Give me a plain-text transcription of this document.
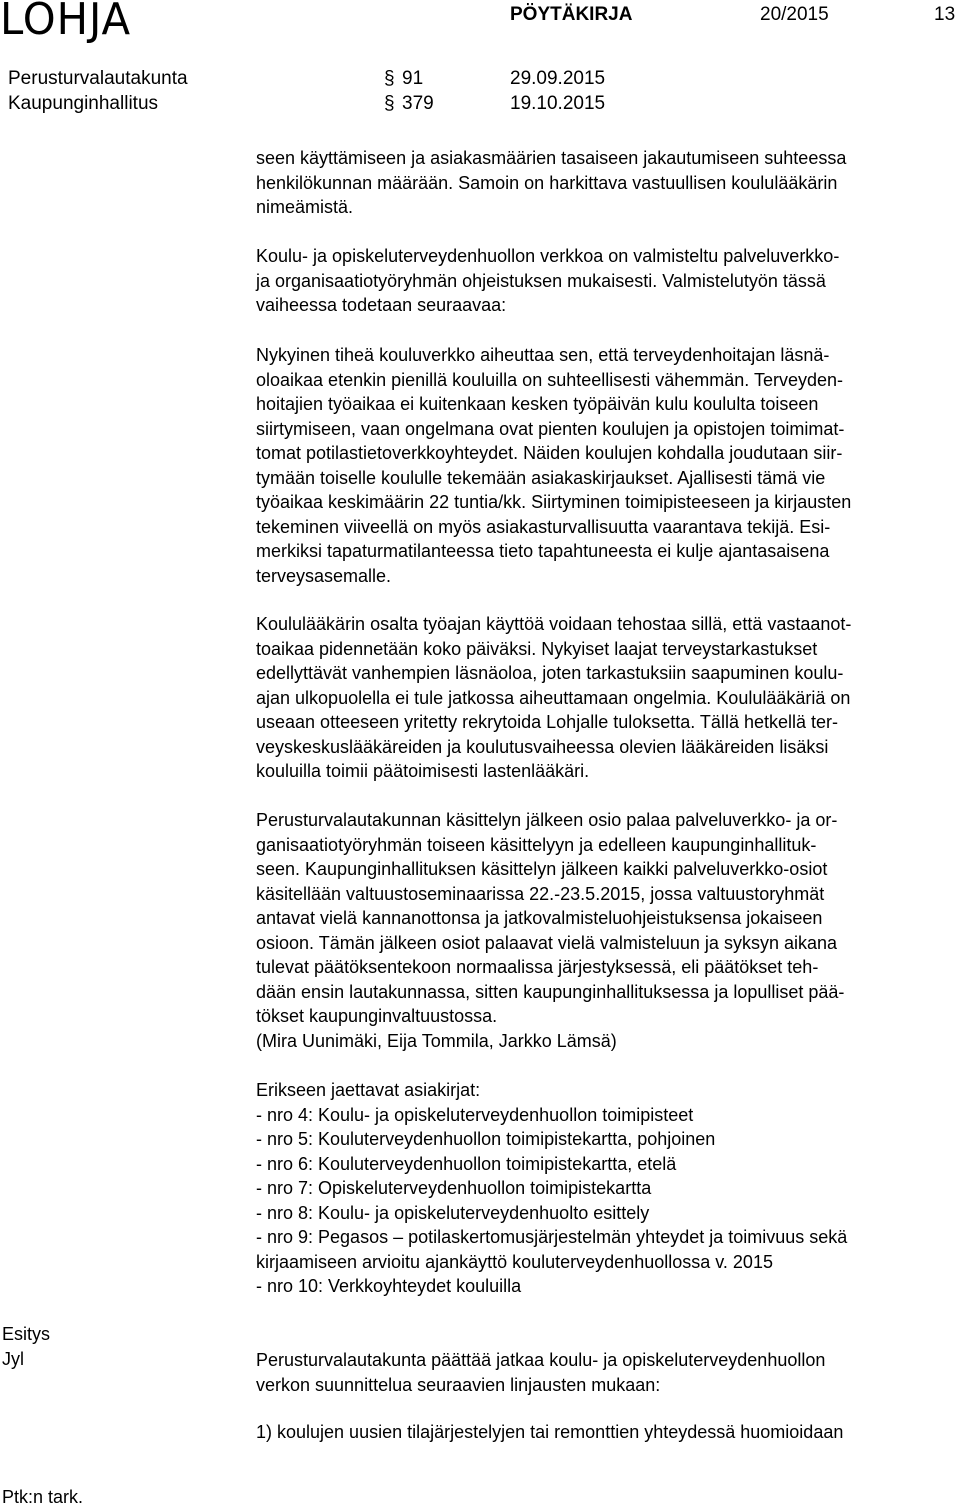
LOHJA	PÖYTÄKIRJA	20/2015	13
Perusturvalautakunta	§ 91	29.09.2015
Kaupunginhallitus	§ 379	19.10.2015
seen käyttämiseen ja asiakasmäärien tasaiseen jakautumiseen suhteessa
henkilökunnan määrään. Samoin on harkittava vastuullisen koululääkärin
nimeämistä.
Koulu- ja opiskeluterveydenhuollon verkkoa on valmisteltu palveluverkko-
ja organisaatiotyöryhmän ohjeistuksen mukaisesti. Valmistelutyön tässä
vaiheessa todetaan seuraavaa:
Nykyinen tiheä kouluverkko aiheuttaa sen, että terveydenhoitajan läsnä-
oloaikaa etenkin pienillä kouluilla on suhteellisesti vähemmän. Terveyden-
hoitajien työaikaa ei kuitenkaan kesken työpäivän kulu koululta toiseen
siirtymiseen, vaan ongelmana ovat pienten koulujen ja opistojen toimimat-
tomat potilastietoverkkoyhteydet. Näiden koulujen kohdalla joudutaan siir-
tymään toiselle koululle tekemään asiakaskirjaukset. Ajallisesti tämä vie
työaikaa keskimäärin 22 tuntia/kk. Siirtyminen toimipisteeseen ja kirjausten
tekeminen viiveellä on myös asiakasturvallisuutta vaarantava tekijä. Esi-
merkiksi tapaturmatilanteessa tieto tapahtuneesta ei kulje ajantasaisena
terveysasemalle.
Koululääkärin osalta työajan käyttöä voidaan tehostaa sillä, että vastaanot-
toaikaa pidennetään koko päiväksi. Nykyiset laajat terveystarkastukset
edellyttävät vanhempien läsnäoloa, joten tarkastuksiin saapuminen koulu-
ajan ulkopuolella ei tule jatkossa aiheuttamaan ongelmia. Koululääkäriä on
useaan otteeseen yritetty rekrytoida Lohjalle tuloksetta. Tällä hetkellä ter-
veyskeskuslääkäreiden ja koulutusvaiheessa olevien lääkäreiden lisäksi
kouluilla toimii päätoimisesti lastenlääkäri.
Perusturvalautakunnan käsittelyn jälkeen osio palaa palveluverkko- ja or-
ganisaatiotyöryhmän toiseen käsittelyyn ja edelleen kaupunginhallituk-
seen. Kaupunginhallituksen käsittelyn jälkeen kaikki palveluverkko-osiot
käsitellään valtuustoseminaarissa 22.-23.5.2015, jossa valtuustoryhmät
antavat vielä kannanottonsa ja jatkovalmisteluohjeistuksensa jokaiseen
osioon. Tämän jälkeen osiot palaavat vielä valmisteluun ja syksyn aikana
tulevat päätöksentekoon normaalissa järjestyksessä, eli päätökset teh-
dään ensin lautakunnassa, sitten kaupunginhallituksessa ja lopulliset pää-
tökset kaupunginvaltuustossa.
(Mira Uunimäki, Eija Tommila, Jarkko Lämsä)
Erikseen jaettavat asiakirjat:
- nro 4: Koulu- ja opiskeluterveydenhuollon toimipisteet
- nro 5: Kouluterveydenhuollon toimipistekartta, pohjoinen
- nro 6: Kouluterveydenhuollon toimipistekartta, etelä
- nro 7: Opiskeluterveydenhuollon toimipistekartta
- nro 8: Koulu- ja opiskeluterveydenhuolto esittely
- nro 9: Pegasos – potilaskertomusjärjestelmän yhteydet ja toimivuus sekä
kirjaamiseen arvioitu ajankäyttö kouluterveydenhuollossa v. 2015
- nro 10: Verkkoyhteydet kouluilla
Esitys
Jyl	Perusturvalautakunta päättää jatkaa koulu- ja opiskeluterveydenhuollon
verkon suunnittelua seuraavien linjausten mukaan:
1) koulujen uusien tilajärjestelyjen tai remonttien yhteydessä huomioidaan
Ptk:n tark.
